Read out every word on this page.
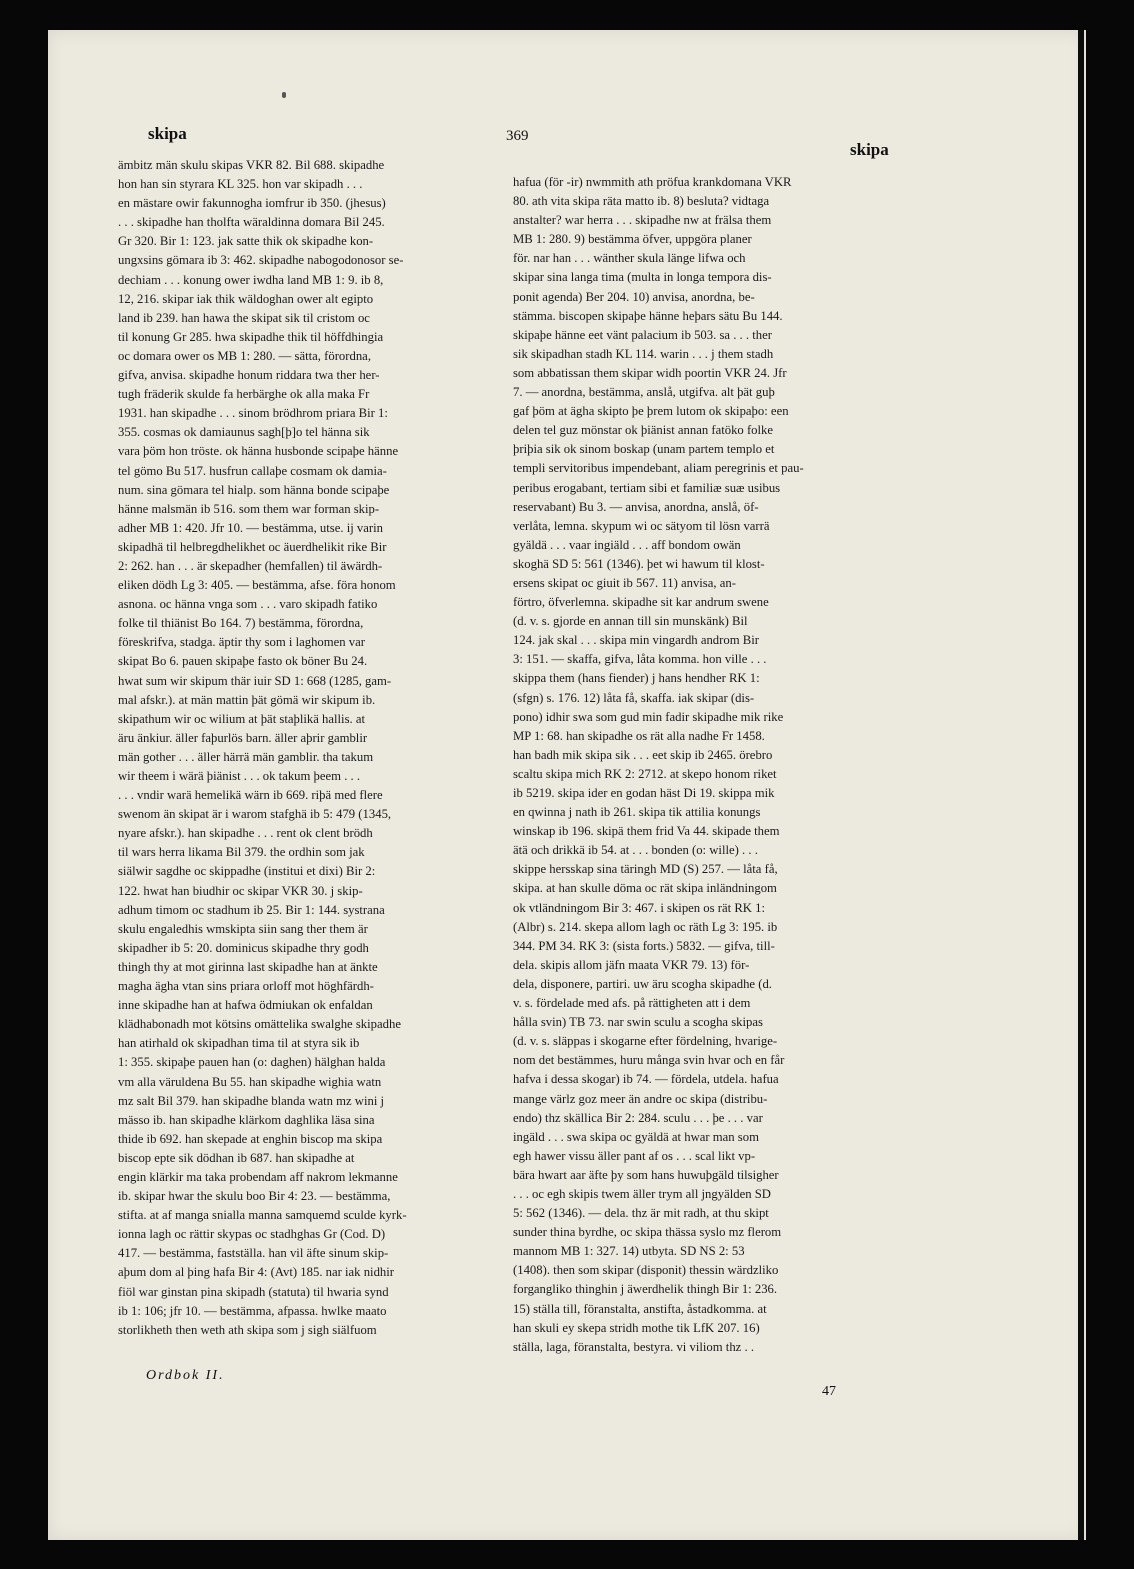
skipa	369
skipa
ämbitz män skulu skipas VKR 82. Bil 688. skipadhe
hon han sin styrara KL 325. hon var skipadh . . .
en mästare owir fakunnogha iomfrur ib 350. (jhesus)
. . . skipadhe han tholfta wäraldinna domara Bil 245.
Gr 320. Bir 1: 123. jak satte thik ok skipadhe kon-
ungxsins gömara ib 3: 462. skipadhe nabogodonosor se-
dechiam . . . konung ower iwdha land MB 1: 9. ib 8,
12, 216. skipar iak thik wäldoghan ower alt egipto
land ib 239. han hawa the skipat sik til cristom oc
til konung Gr 285. hwa skipadhe thik til höffdhingia
oc domara ower os MB 1: 280. — sätta, förordna,
gifva, anvisa. skipadhe honum riddara twa ther her-
tugh fräderik skulde fa herbärghe ok alla maka Fr
1931. han skipadhe . . . sinom brödhrom priara Bir 1:
355. cosmas ok damiaunus sagh[þ]o tel hänna sik
vara þöm hon tröste. ok hänna husbonde scipaþe hänne
tel gömo Bu 517. husfrun callaþe cosmam ok damia-
num. sina gömara tel hialp. som hänna bonde scipaþe
hänne malsmän ib 516. som them war forman skip-
adher MB 1: 420. Jfr 10. — bestämma, utse. ij varin
skipadhä til helbregdhelikhet oc äuerdhelikit rike Bir
2: 262. han . . . är skepadher (hemfallen) til äwärdh-
eliken dödh Lg 3: 405. — bestämma, afse. föra honom
asnona. oc hänna vnga som . . . varo skipadh fatiko
folke til thiänist Bo 164. 7) bestämma, förordna,
föreskrifva, stadga. äptir thy som i laghomen var
skipat Bo 6. pauen skipaþe fasto ok böner Bu 24.
hwat sum wir skipum thär iuir SD 1: 668 (1285, gam-
mal afskr.). at män mattin þät gömä wir skipum ib.
skipathum wir oc wilium at þät staþlikä hallis. at
äru änkiur. äller faþurlös barn. äller aþrir gamblir
män gother . . . äller härrä män gamblir. tha takum
wir theem i wärä þiänist . . . ok takum þeem . . .
. . . vndir warä hemelikä wärn ib 669. riþä med flere
swenom än skipat är i warom stafghä ib 5: 479 (1345,
nyare afskr.). han skipadhe . . . rent ok clent brödh
til wars herra likama Bil 379. the ordhin som jak
siälwir sagdhe oc skippadhe (institui et dixi) Bir 2:
122. hwat han biudhir oc skipar VKR 30. j skip-
adhum timom oc stadhum ib 25. Bir 1: 144. systrana
skulu engaledhis wmskipta siin sang ther them är
skipadher ib 5: 20. dominicus skipadhe thry godh
thingh thy at mot girinna last skipadhe han at änkte
magha ägha vtan sins priara orloff mot höghfärdh-
inne skipadhe han at hafwa ödmiukan ok enfaldan
klädhabonadh mot kötsins omättelika swalghe skipadhe
han atirhald ok skipadhan tima til at styra sik ib
1: 355. skipaþe pauen han (o: daghen) hälghan halda
vm alla väruldena Bu 55. han skipadhe wighia watn
mz salt Bil 379. han skipadhe blanda watn mz wini j
mässo ib. han skipadhe klärkom daghlika läsa sina
thide ib 692. han skepade at enghin biscop ma skipa
biscop epte sik dödhan ib 687. han skipadhe at
engin klärkir ma taka probendam aff nakrom lekmanne
ib. skipar hwar the skulu boo Bir 4: 23. — bestämma,
stifta. at af manga snialla manna samquemd sculde kyrk-
ionna lagh oc rättir skypas oc stadhghas Gr (Cod. D)
417. — bestämma, fastställa. han vil äfte sinum skip-
aþum dom al þing hafa Bir 4: (Avt) 185. nar iak nidhir
fiöl war ginstan pina skipadh (statuta) til hwaria synd
ib 1: 106; jfr 10. — bestämma, afpassa. hwlke maato
storlikheth then weth ath skipa som j sigh siälfuom
hafua (för -ir) nwmmith ath pröfua krankdomana VKR
80. ath vita skipa räta matto ib. 8) besluta? vidtaga
anstalter? war herra . . . skipadhe nw at frälsa them
MB 1: 280. 9) bestämma öfver, uppgöra planer
för. nar han . . . wänther skula länge lifwa och
skipar sina langa tima (multa in longa tempora dis-
ponit agenda) Ber 204. 10) anvisa, anordna, be-
stämma. biscopen skipaþe hänne heþars sätu Bu 144.
skipaþe hänne eet vänt palacium ib 503. sa . . . ther
sik skipadhan stadh KL 114. warin . . . j them stadh
som abbatissan them skipar widh poortin VKR 24. Jfr
7. — anordna, bestämma, anslå, utgifva. alt þät guþ
gaf þöm at ägha skipto þe þrem lutom ok skipaþo: een
delen tel guz mönstar ok þiänist annan fatöko folke
þriþia sik ok sinom boskap (unam partem templo et
templi servitoribus impendebant, aliam peregrinis et pau-
peribus erogabant, tertiam sibi et familiæ suæ usibus
reservabant) Bu 3. — anvisa, anordna, anslå, öf-
verlåta, lemna. skypum wi oc sätyom til lösn varrä
gyäldä . . . vaar ingiäld . . . aff bondom owän
skoghä SD 5: 561 (1346). þet wi hawum til klost-
ersens skipat oc giuit ib 567. 11) anvisa, an-
förtro, öfverlemna. skipadhe sit kar andrum swene
(d. v. s. gjorde en annan till sin munskänk) Bil
124. jak skal . . . skipa min vingardh androm Bir
3: 151. — skaffa, gifva, låta komma. hon ville . . .
skippa them (hans fiender) j hans hendher RK 1:
(sfgn) s. 176. 12) låta få, skaffa. iak skipar (dis-
pono) idhir swa som gud min fadir skipadhe mik rike
MP 1: 68. han skipadhe os rät alla nadhe Fr 1458.
han badh mik skipa sik . . . eet skip ib 2465. örebro
scaltu skipa mich RK 2: 2712. at skepo honom riket
ib 5219. skipa ider en godan häst Di 19. skippa mik
en qwinna j nath ib 261. skipa tik attilia konungs
winskap ib 196. skipä them frid Va 44. skipade them
ätä och drikkä ib 54. at . . . bonden (o: wille) . . .
skippe hersskap sina täringh MD (S) 257. — låta få,
skipa. at han skulle döma oc rät skipa inländningom
ok vtländningom Bir 3: 467. i skipen os rät RK 1:
(Albr) s. 214. skepa allom lagh oc räth Lg 3: 195. ib
344. PM 34. RK 3: (sista forts.) 5832. — gifva, till-
dela. skipis allom jäfn maata VKR 79. 13) för-
dela, disponere, partiri. uw äru scogha skipadhe (d.
v. s. fördelade med afs. på rättigheten att i dem
hålla svin) TB 73. nar swin sculu a scogha skipas
(d. v. s. släppas i skogarne efter fördelning, hvarige-
nom det bestämmes, huru många svin hvar och en får
hafva i dessa skogar) ib 74. — fördela, utdela. hafua
mange värlz goz meer än andre oc skipa (distribu-
endo) thz skällica Bir 2: 284. sculu . . . þe . . . var
ingäld . . . swa skipa oc gyäldä at hwar man som
egh hawer vissu äller pant af os . . . scal likt vp-
bära hwart aar äfte þy som hans huwuþgäld tilsigher
. . . oc egh skipis twem äller trym all jngyälden SD
5: 562 (1346). — dela. thz är mit radh, at thu skipt
sunder thina byrdhe, oc skipa thässa syslo mz flerom
mannom MB 1: 327. 14) utbyta. SD NS 2: 53
(1408). then som skipar (disponit) thessin wärdzliko
forgangliko thinghin j äwerdhelik thingh Bir 1: 236.
15) ställa till, föranstalta, anstifta, åstadkomma. at
han skuli ey skepa stridh mothe tik LfK 207. 16)
ställa, laga, föranstalta, bestyra. vi viliom thz . .
Ordbok II.
47
